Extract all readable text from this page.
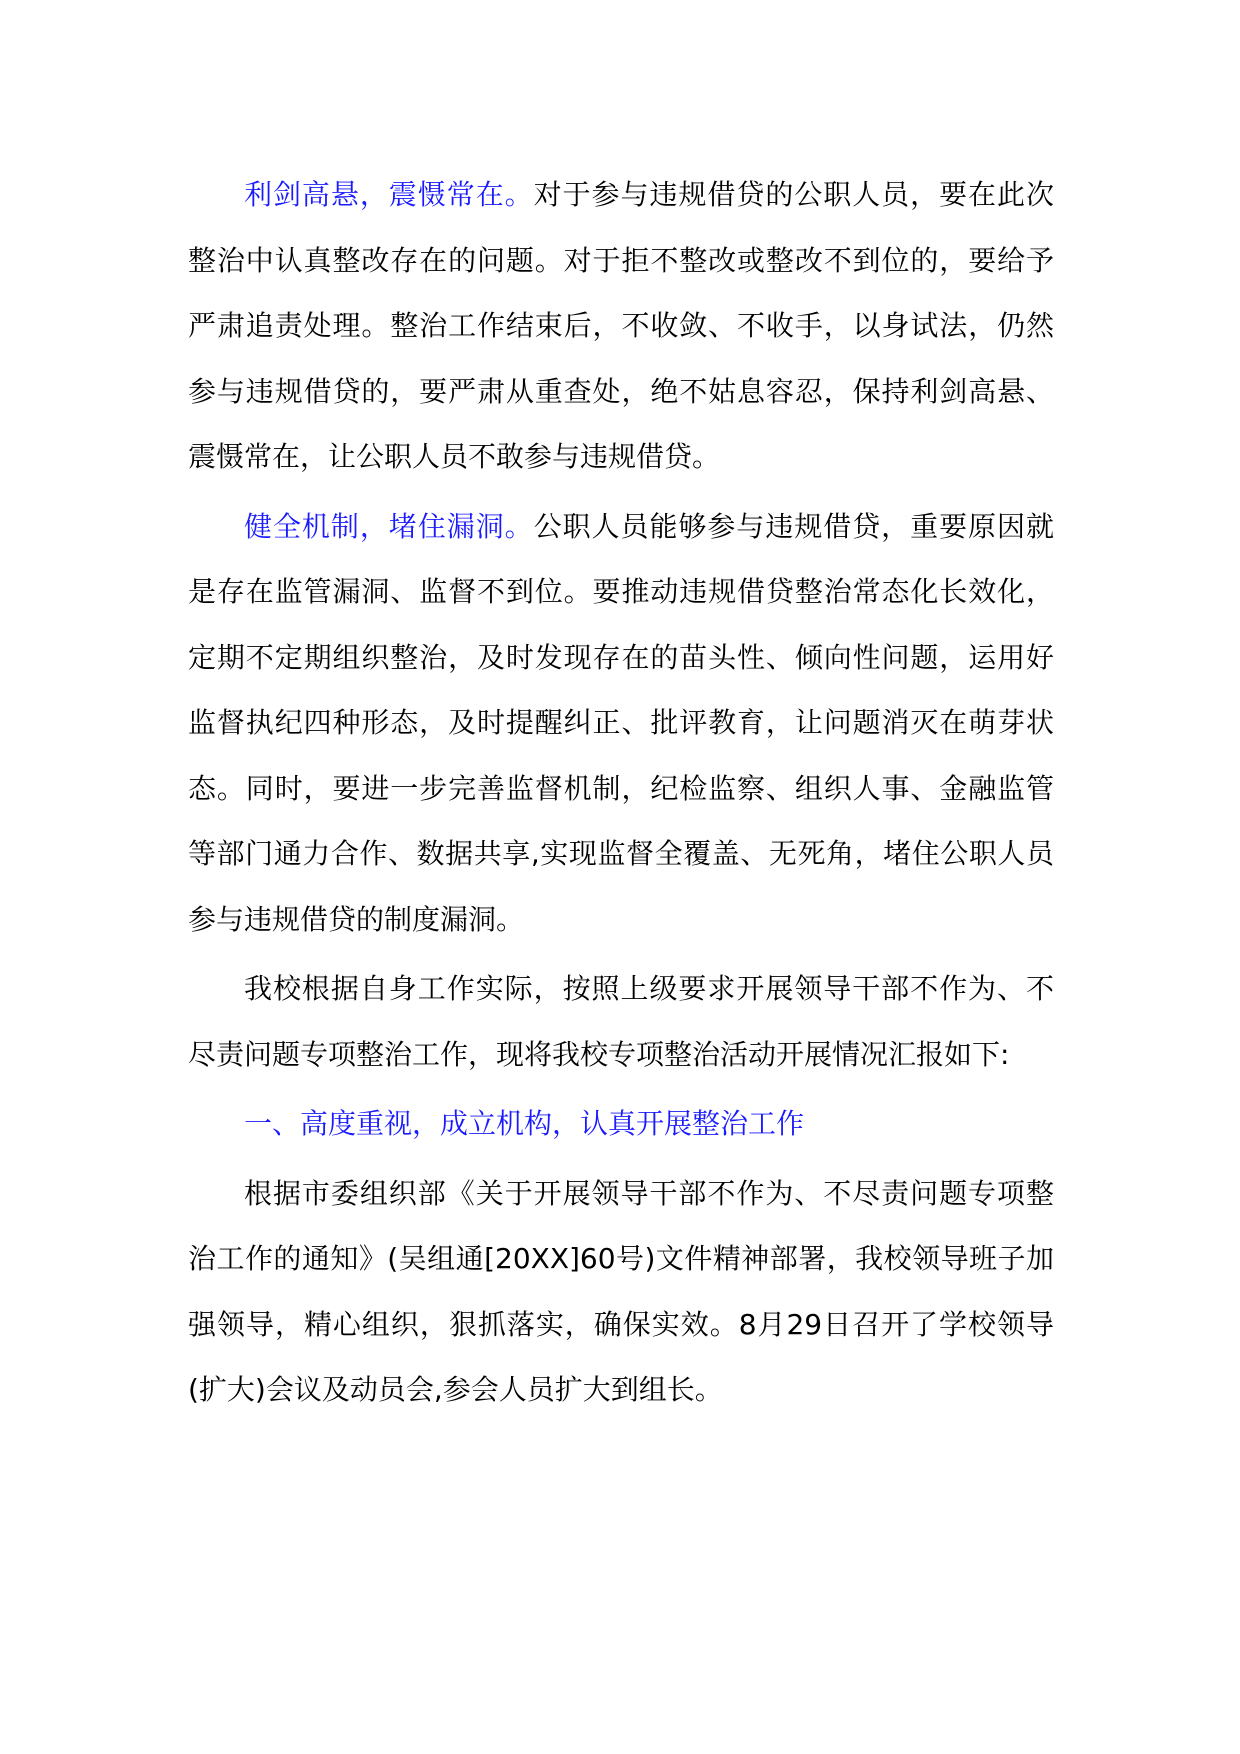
利剑高悬，震慑常在。对于参与违规借贷的公职人员，要在此次整治中认真整改存在的问题。对于拒不整改或整改不到位的，要给予严肃追责处理。整治工作结束后，不收敛、不收手，以身试法，仍然参与违规借贷的，要严肃从重查处，绝不姑息容忍，保持利剑高悬、震慑常在，让公职人员不敢参与违规借贷。

健全机制，堵住漏洞。公职人员能够参与违规借贷，重要原因就是存在监管漏洞、监督不到位。要推动违规借贷整治常态化长效化，定期不定期组织整治，及时发现存在的苗头性、倾向性问题，运用好监督执纪四种形态，及时提醒纠正、批评教育，让问题消灭在萌芽状态。同时，要进一步完善监督机制，纪检监察、组织人事、金融监管等部门通力合作、数据共享,实现监督全覆盖、无死角，堵住公职人员参与违规借贷的制度漏洞。

我校根据自身工作实际，按照上级要求开展领导干部不作为、不尽责问题专项整治工作，现将我校专项整治活动开展情况汇报如下:

一、高度重视，成立机构，认真开展整治工作

根据市委组织部《关于开展领导干部不作为、不尽责问题专项整治工作的通知》(吴组通[20XX]60号)文件精神部署，我校领导班子加强领导，精心组织，狠抓落实，确保实效。8月29日召开了学校领导(扩大)会议及动员会,参会人员扩大到组长。
